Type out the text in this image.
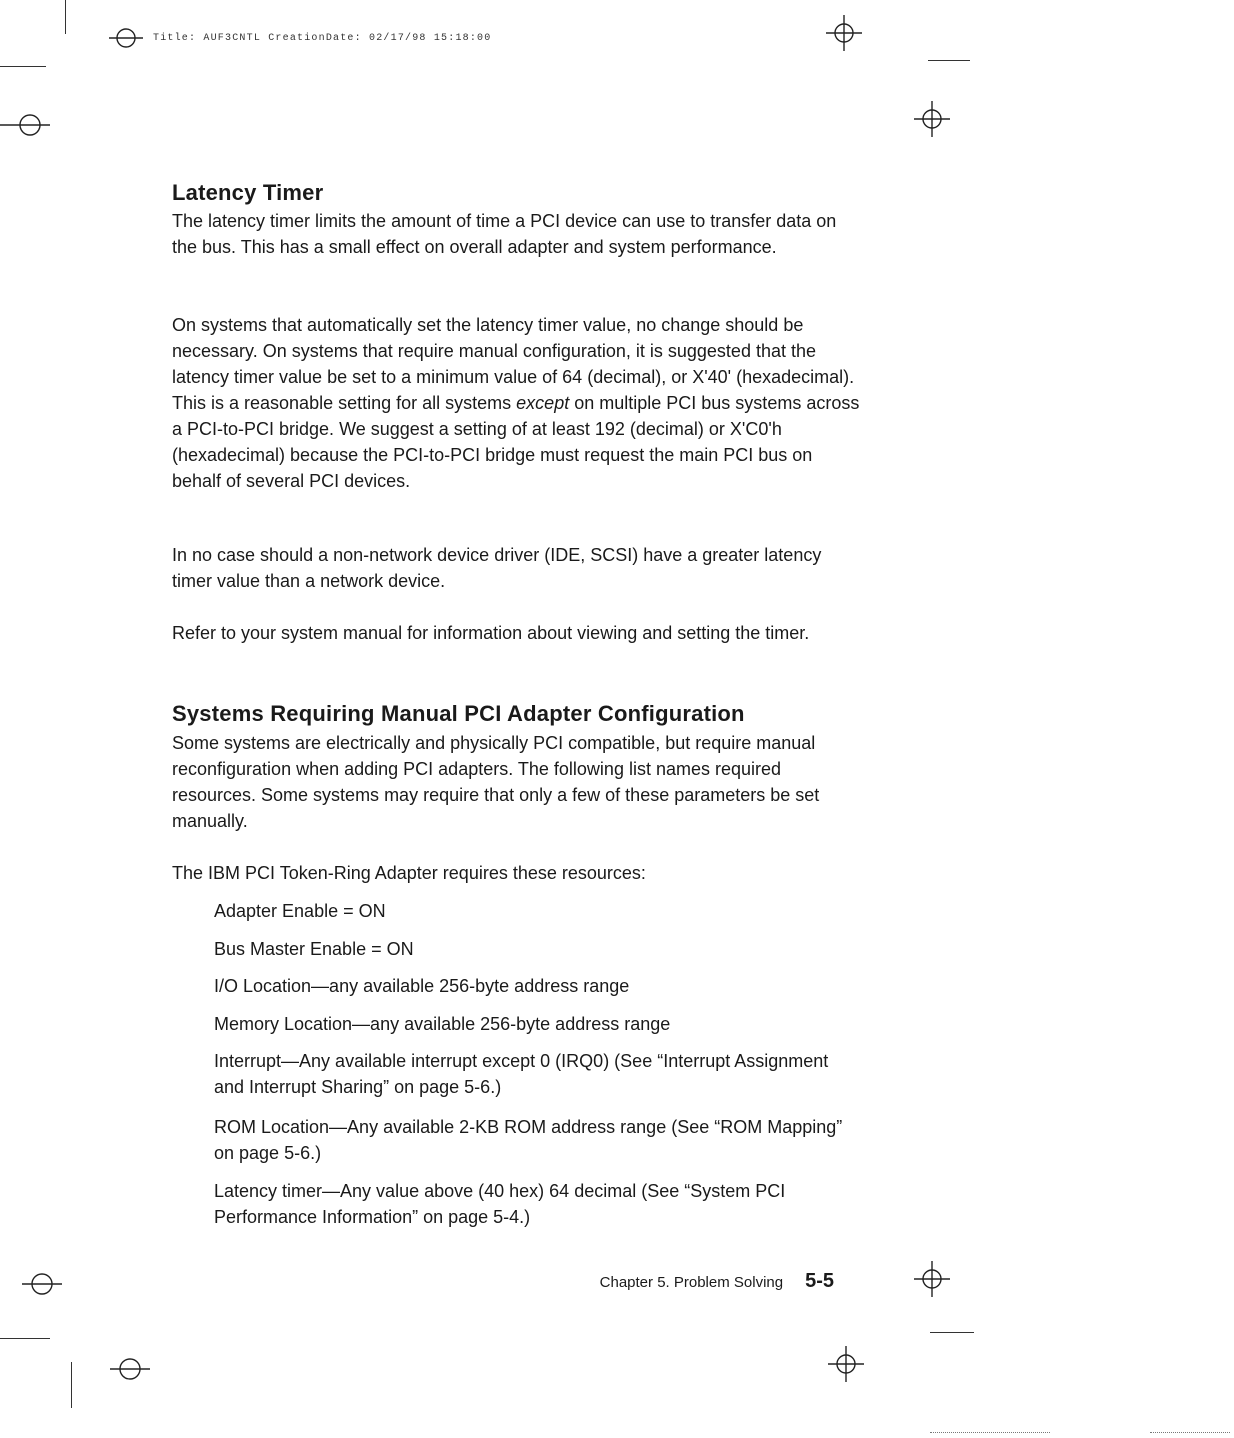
Title: AUF3CNTL CreationDate: 02/17/98 15:18:00
Latency Timer

The latency timer limits the amount of time a PCI device can use to transfer data on the bus. This has a small effect on overall adapter and system performance.

On systems that automatically set the latency timer value, no change should be necessary. On systems that require manual configuration, it is suggested that the latency timer value be set to a minimum value of 64 (decimal), or X'40' (hexadecimal). This is a reasonable setting for all systems except on multiple PCI bus systems across a PCI-to-PCI bridge. We suggest a setting of at least 192 (decimal) or X'C0'h (hexadecimal) because the PCI-to-PCI bridge must request the main PCI bus on behalf of several PCI devices.

In no case should a non-network device driver (IDE, SCSI) have a greater latency timer value than a network device.

Refer to your system manual for information about viewing and setting the timer.

Systems Requiring Manual PCI Adapter Configuration

Some systems are electrically and physically PCI compatible, but require manual reconfiguration when adding PCI adapters. The following list names required resources. Some systems may require that only a few of these parameters be set manually.

The IBM PCI Token-Ring Adapter requires these resources:

Adapter Enable = ON

Bus Master Enable = ON

I/O Location—any available 256-byte address range

Memory Location—any available 256-byte address range

Interrupt—Any available interrupt except 0 (IRQ0) (See “Interrupt Assignment and Interrupt Sharing” on page 5-6.)

ROM Location—Any available 2-KB ROM address range (See “ROM Mapping” on page 5-6.)

Latency timer—Any value above (40 hex) 64 decimal (See “System PCI Performance Information” on page 5-4.)

Chapter 5. Problem Solving 5-5
